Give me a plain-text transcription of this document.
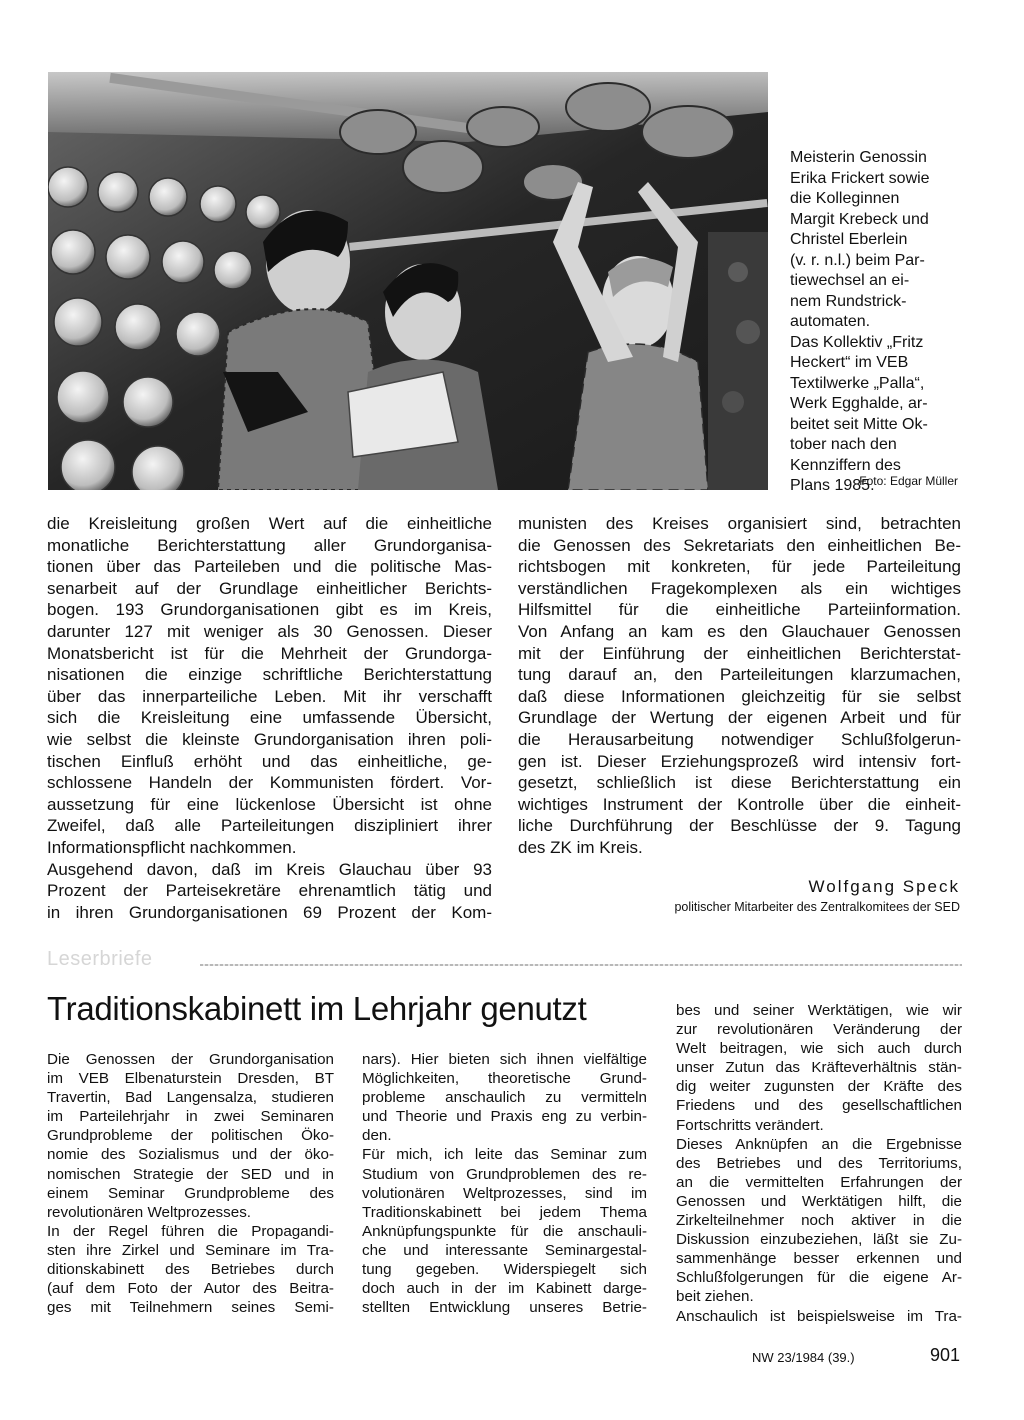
Meisterin Genossin
Erika Frickert sowie
die Kolleginnen
Margit Krebeck und
Christel Eberlein
(v. r. n.l.) beim Par-
tiewechsel an ei-
nem Rundstrick-
automaten.
Das Kollektiv „Fritz
Heckert“ im VEB
Textilwerke „Palla“,
Werk Egghalde, ar-
beitet seit Mitte Ok-
tober nach den
Kennziffern des
Plans 1985.
Foto: Edgar Müller
die Kreisleitung großen Wert auf die einheitliche
monatliche Berichterstattung aller Grundorganisa-
tionen über das Parteileben und die politische Mas-
senarbeit auf der Grundlage einheitlicher Berichts-
bogen. 193 Grundorganisationen gibt es im Kreis,
darunter 127 mit weniger als 30 Genossen. Dieser
Monatsbericht ist für die Mehrheit der Grundorga-
nisationen die einzige schriftliche Berichterstattung
über das innerparteiliche Leben. Mit ihr verschafft
sich die Kreisleitung eine umfassende Übersicht,
wie selbst die kleinste Grundorganisation ihren poli-
tischen Einfluß erhöht und das einheitliche, ge-
schlossene Handeln der Kommunisten fördert. Vor-
aussetzung für eine lückenlose Übersicht ist ohne
Zweifel, daß alle Parteileitungen diszipliniert ihrer
Informationspflicht nachkommen.
Ausgehend davon, daß im Kreis Glauchau über 93
Prozent der Parteisekretäre ehrenamtlich tätig und
in ihren Grundorganisationen 69 Prozent der Kom-
munisten des Kreises organisiert sind, betrachten
die Genossen des Sekretariats den einheitlichen Be-
richtsbogen mit konkreten, für jede Parteileitung
verständlichen Fragekomplexen als ein wichtiges
Hilfsmittel für die einheitliche Parteiinformation.
Von Anfang an kam es den Glauchauer Genossen
mit der Einführung der einheitlichen Berichterstat-
tung darauf an, den Parteileitungen klarzumachen,
daß diese Informationen gleichzeitig für sie selbst
Grundlage der Wertung der eigenen Arbeit und für
die Herausarbeitung notwendiger Schlußfolgerun-
gen ist. Dieser Erziehungsprozeß wird intensiv fort-
gesetzt, schließlich ist diese Berichterstattung ein
wichtiges Instrument der Kontrolle über die einheit-
liche Durchführung der Beschlüsse der 9. Tagung
des ZK im Kreis.
Wolfgang Speck
politischer Mitarbeiter des Zentralkomitees der SED
Leserbriefe
Traditionskabinett im Lehrjahr genutzt
Die Genossen der Grundorganisation
im VEB Elbenaturstein Dresden, BT
Travertin, Bad Langensalza, studieren
im Parteilehrjahr in zwei Seminaren
Grundprobleme der politischen Öko-
nomie des Sozialismus und der öko-
nomischen Strategie der SED und in
einem Seminar Grundprobleme des
revolutionären Weltprozesses.
In der Regel führen die Propagandi-
sten ihre Zirkel und Seminare im Tra-
ditionskabinett des Betriebes durch
(auf dem Foto der Autor des Beitra-
ges mit Teilnehmern seines Semi-
nars). Hier bieten sich ihnen vielfältige
Möglichkeiten, theoretische Grund-
probleme anschaulich zu vermitteln
und Theorie und Praxis eng zu verbin-
den.
Für mich, ich leite das Seminar zum
Studium von Grundproblemen des re-
volutionären Weltprozesses, sind im
Traditionskabinett bei jedem Thema
Anknüpfungspunkte für die anschauli-
che und interessante Seminargestal-
tung gegeben. Widerspiegelt sich
doch auch in der im Kabinett darge-
stellten Entwicklung unseres Betrie-
bes und seiner Werktätigen, wie wir
zur revolutionären Veränderung der
Welt beitragen, wie sich auch durch
unser Zutun das Kräfteverhältnis stän-
dig weiter zugunsten der Kräfte des
Friedens und des gesellschaftlichen
Fortschritts verändert.
Dieses Anknüpfen an die Ergebnisse
des Betriebes und des Territoriums,
an die vermittelten Erfahrungen der
Genossen und Werktätigen hilft, die
Zirkelteilnehmer noch aktiver in die
Diskussion einzubeziehen, läßt sie Zu-
sammenhänge besser erkennen und
Schlußfolgerungen für die eigene Ar-
beit ziehen.
Anschaulich ist beispielsweise im Tra-
NW 23/1984 (39.)	901
